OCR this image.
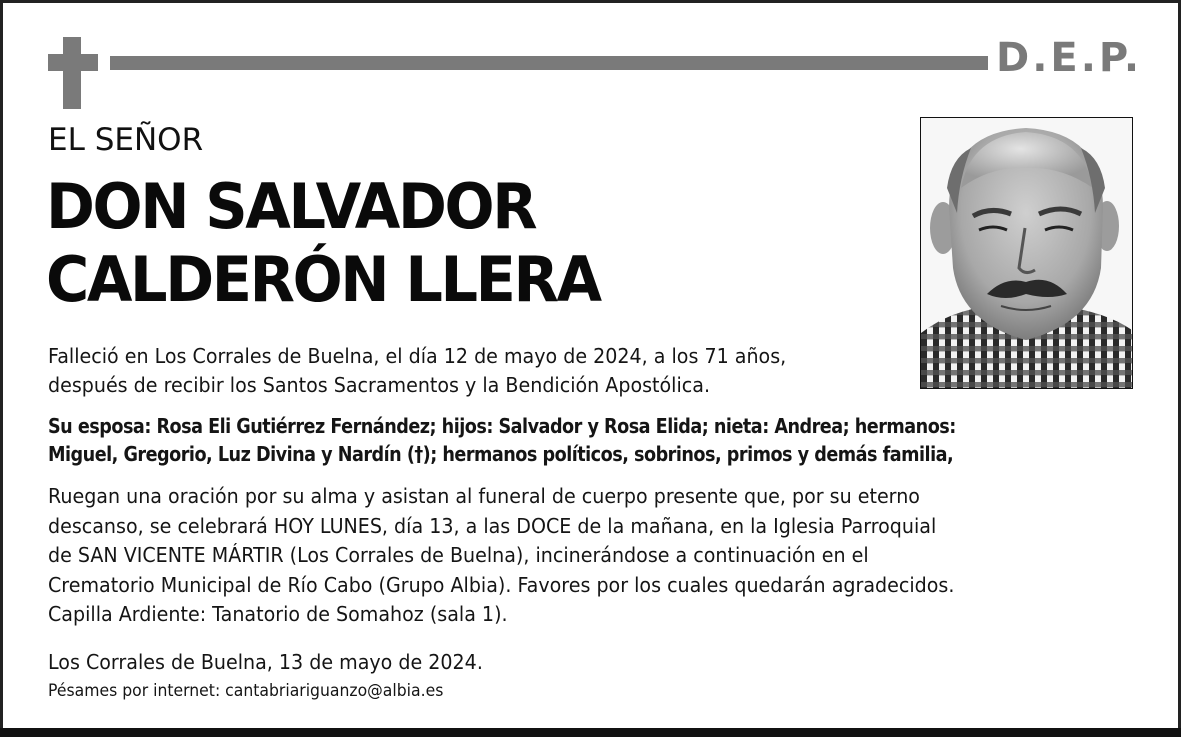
D.E.P.
EL SEÑOR
DON SALVADOR
CALDERÓN LLERA
Falleció en Los Corrales de Buelna, el día 12 de mayo de 2024, a los 71 años,
después de recibir los Santos Sacramentos y la Bendición Apostólica.
Su esposa: Rosa Eli Gutiérrez Fernández; hijos: Salvador y Rosa Elida; nieta: Andrea; hermanos:
Miguel, Gregorio, Luz Divina y Nardín (†); hermanos políticos, sobrinos, primos y demás familia,
Ruegan una oración por su alma y asistan al funeral de cuerpo presente que, por su eterno
descanso, se celebrará HOY LUNES, día 13, a las DOCE de la mañana, en la Iglesia Parroquial
de SAN VICENTE MÁRTIR (Los Corrales de Buelna), incinerándose a continuación en el
Crematorio Municipal de Río Cabo (Grupo Albia). Favores por los cuales quedarán agradecidos.
Capilla Ardiente: Tanatorio de Somahoz (sala 1).
Los Corrales de Buelna, 13 de mayo de 2024.
Pésames por internet: cantabriariguanzo@albia.es
